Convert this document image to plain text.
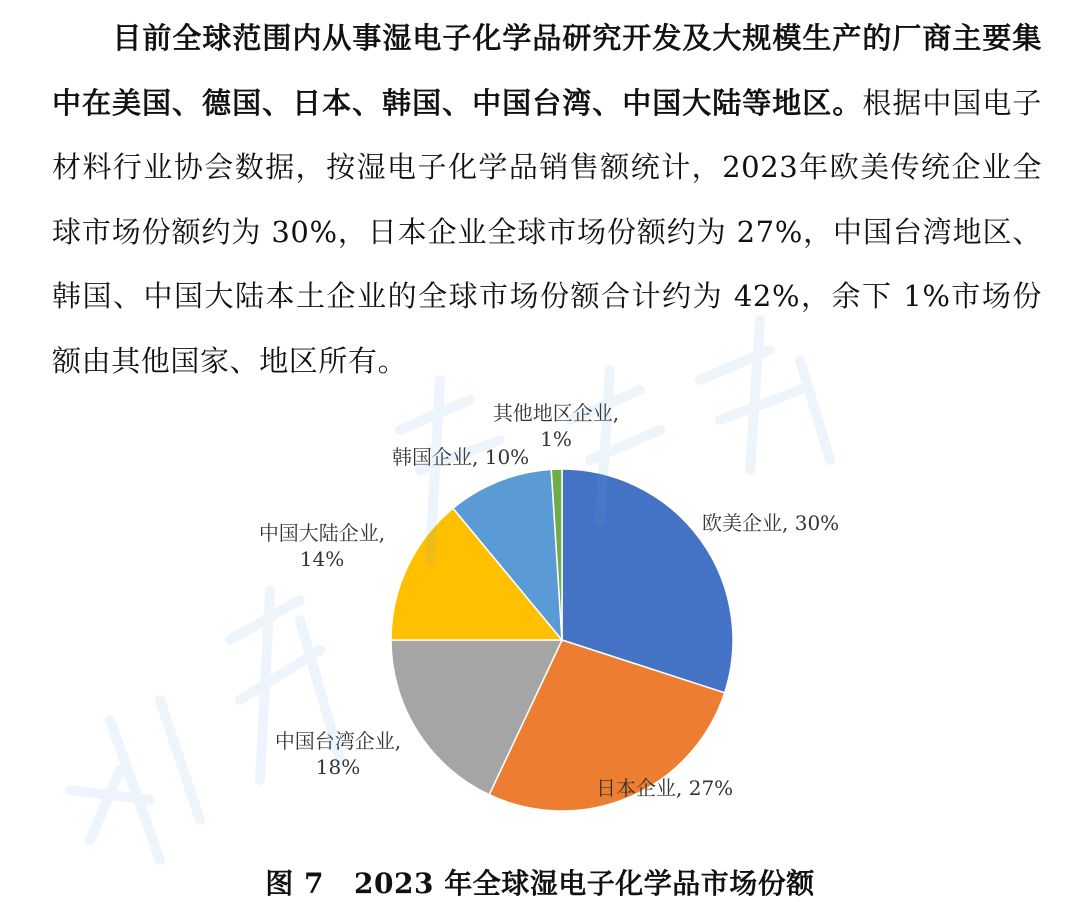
目前全球范围内从事湿电子化学品研究开发及大规模生产的厂商主要集中在美国、德国、日本、韩国、中国台湾、中国大陆等地区。根据中国电子材料行业协会数据，按湿电子化学品销售额统计，2023年欧美传统企业全球市场份额约为 30%，日本企业全球市场份额约为 27%，中国台湾地区、韩国、中国大陆本土企业的全球市场份额合计约为 42%，余下 1%市场份额由其他国家、地区所有。
欧美企业, 30%
日本企业, 27%
中国台湾企业, 18%
中国大陆企业, 14%
韩国企业, 10%
其他地区企业, 1%
图 7 2023 年全球湿电子化学品市场份额
